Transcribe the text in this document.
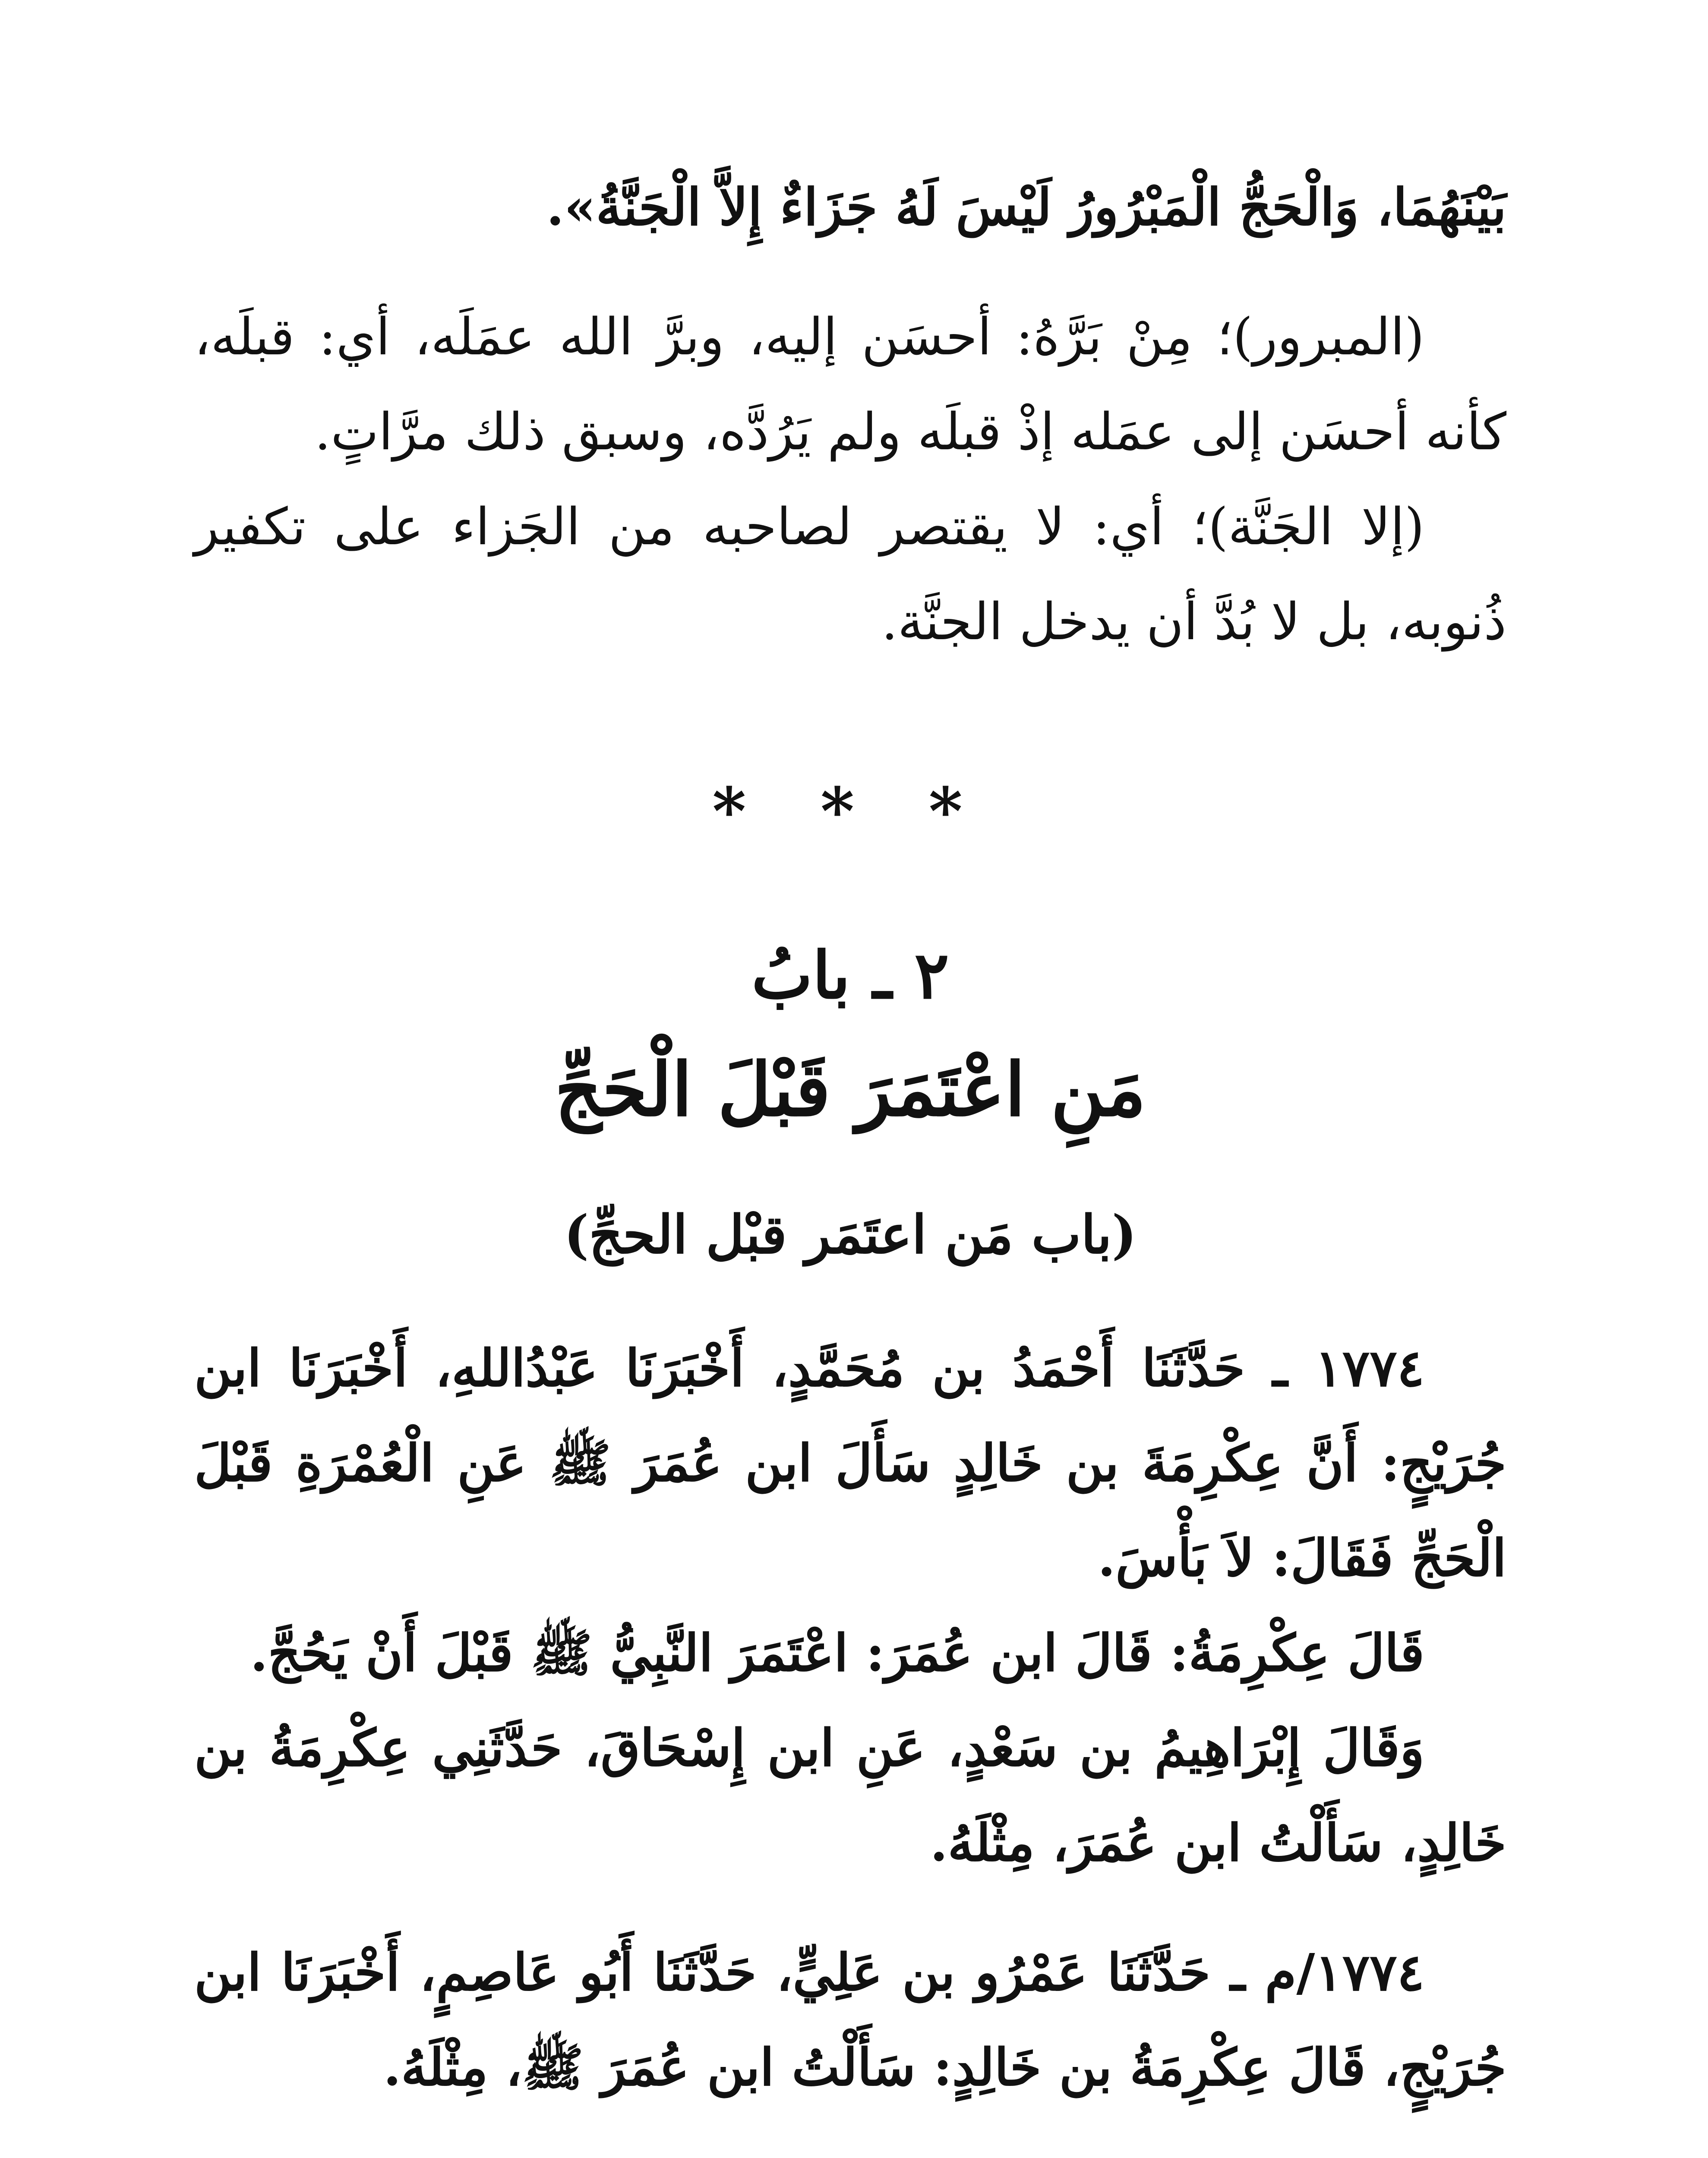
بَيْنَهُمَا، وَالْحَجُّ الْمَبْرُورُ لَيْسَ لَهُ جَزَاءٌ إِلاَّ الْجَنَّةُ».

(المبرور)؛ مِنْ بَرَّهُ: أحسَن إليه، وبرَّ الله عمَلَه، أي: قبلَه، كأنه أحسَن إلى عمَله إذْ قبلَه ولم يَرُدَّه، وسبق ذلك مرَّاتٍ.

(إلا الجَنَّة)؛ أي: لا يقتصر لصاحبه من الجَزاء على تكفير ذُنوبه، بل لا بُدَّ أن يدخل الجنَّة.

* * *
٢ ـ بابُ
مَنِ اعْتَمَرَ قَبْلَ الْحَجِّ
(باب مَن اعتَمَر قبْل الحجِّ)

١٧٧٤ ـ حَدَّثَنَا أَحْمَدُ بن مُحَمَّدٍ، أَخْبَرَنَا عَبْدُاللهِ، أَخْبَرَنَا ابن جُرَيْجٍ: أَنَّ عِكْرِمَةَ بن خَالِدٍ سَأَلَ ابن عُمَرَ ﷺ عَنِ الْعُمْرَةِ قَبْلَ الْحَجِّ فَقَالَ: لاَ بَأْسَ.

قَالَ عِكْرِمَةُ: قَالَ ابن عُمَرَ: اعْتَمَرَ النَّبِيُّ ﷺ قَبْلَ أَنْ يَحُجَّ.

وَقَالَ إِبْرَاهِيمُ بن سَعْدٍ، عَنِ ابن إِسْحَاقَ، حَدَّثَنِي عِكْرِمَةُ بن خَالِدٍ، سَأَلْتُ ابن عُمَرَ، مِثْلَهُ.

١٧٧٤/م ـ حَدَّثَنَا عَمْرُو بن عَلِيٍّ، حَدَّثَنَا أَبُو عَاصِمٍ، أَخْبَرَنَا ابن جُرَيْجٍ، قَالَ عِكْرِمَةُ بن خَالِدٍ: سَأَلْتُ ابن عُمَرَ ﷺ، مِثْلَهُ.
